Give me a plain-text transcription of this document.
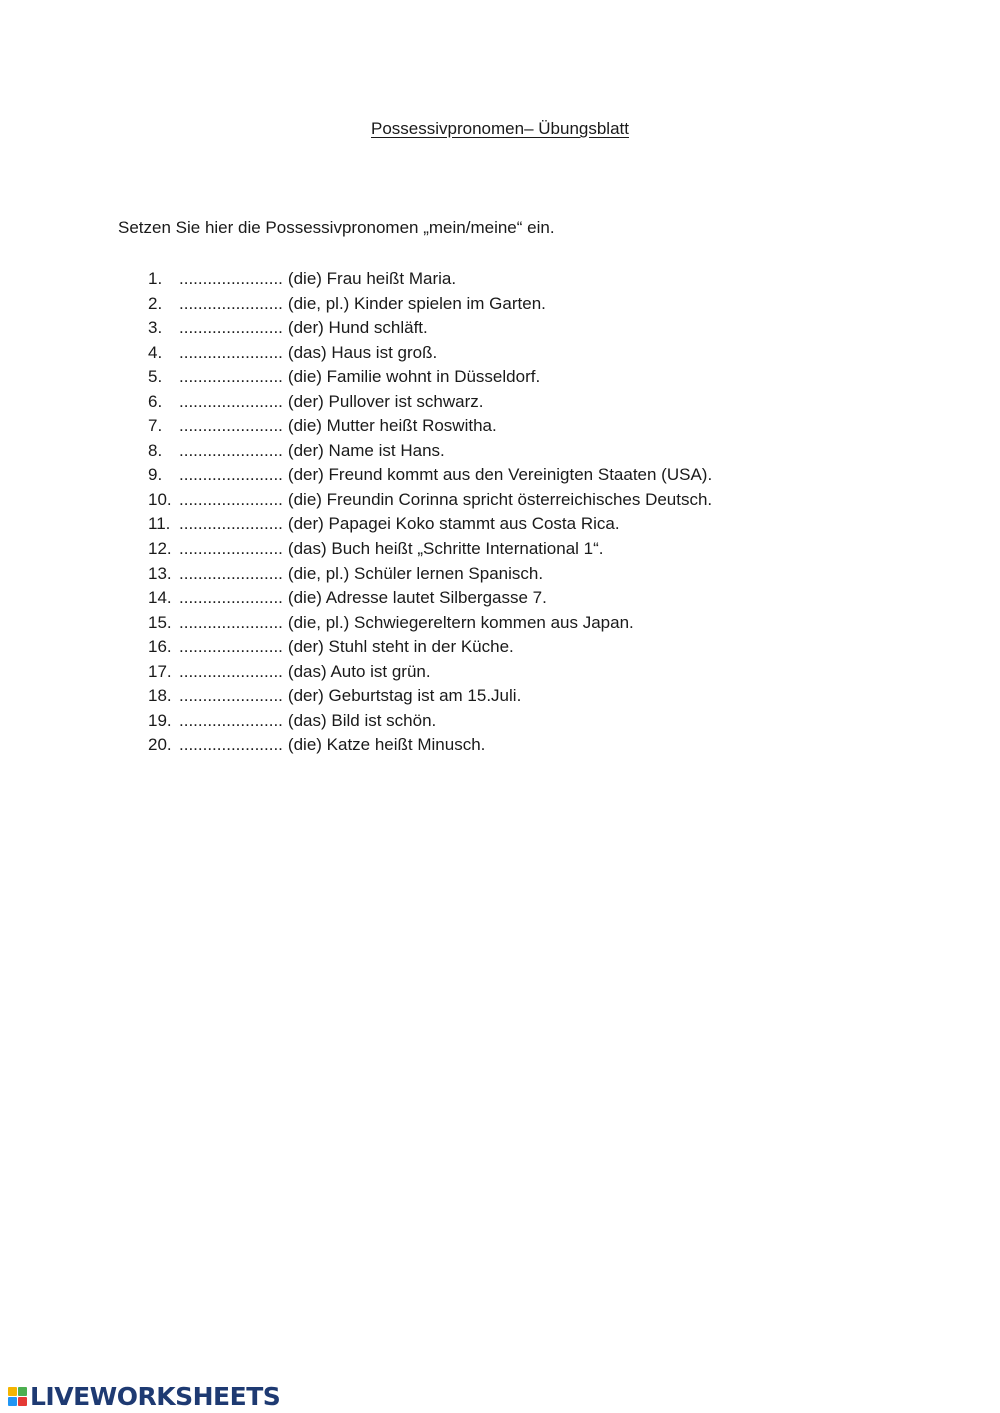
Possessivpronomen– Übungsblatt
Setzen Sie hier die Possessivpronomen „mein/meine“ ein.
1. ...................... (die) Frau heißt Maria.
2. ...................... (die, pl.) Kinder spielen im Garten.
3. ...................... (der) Hund schläft.
4. ...................... (das) Haus ist groß.
5. ...................... (die) Familie wohnt in Düsseldorf.
6. ...................... (der) Pullover ist schwarz.
7. ...................... (die) Mutter heißt Roswitha.
8. ...................... (der) Name ist Hans.
9. ...................... (der) Freund kommt aus den Vereinigten Staaten (USA).
10. ...................... (die) Freundin Corinna spricht österreichisches Deutsch.
11. ...................... (der) Papagei Koko stammt aus Costa Rica.
12. ...................... (das) Buch heißt „Schritte International 1“.
13. ...................... (die, pl.) Schüler lernen Spanisch.
14. ...................... (die) Adresse lautet Silbergasse 7.
15. ...................... (die, pl.) Schwiegereltern kommen aus Japan.
16. ...................... (der) Stuhl steht in der Küche.
17. ...................... (das) Auto ist grün.
18. ...................... (der) Geburtstag ist am 15.Juli.
19. ...................... (das) Bild ist schön.
20. ...................... (die) Katze heißt Minusch.
LIVEWORKSHEETS
